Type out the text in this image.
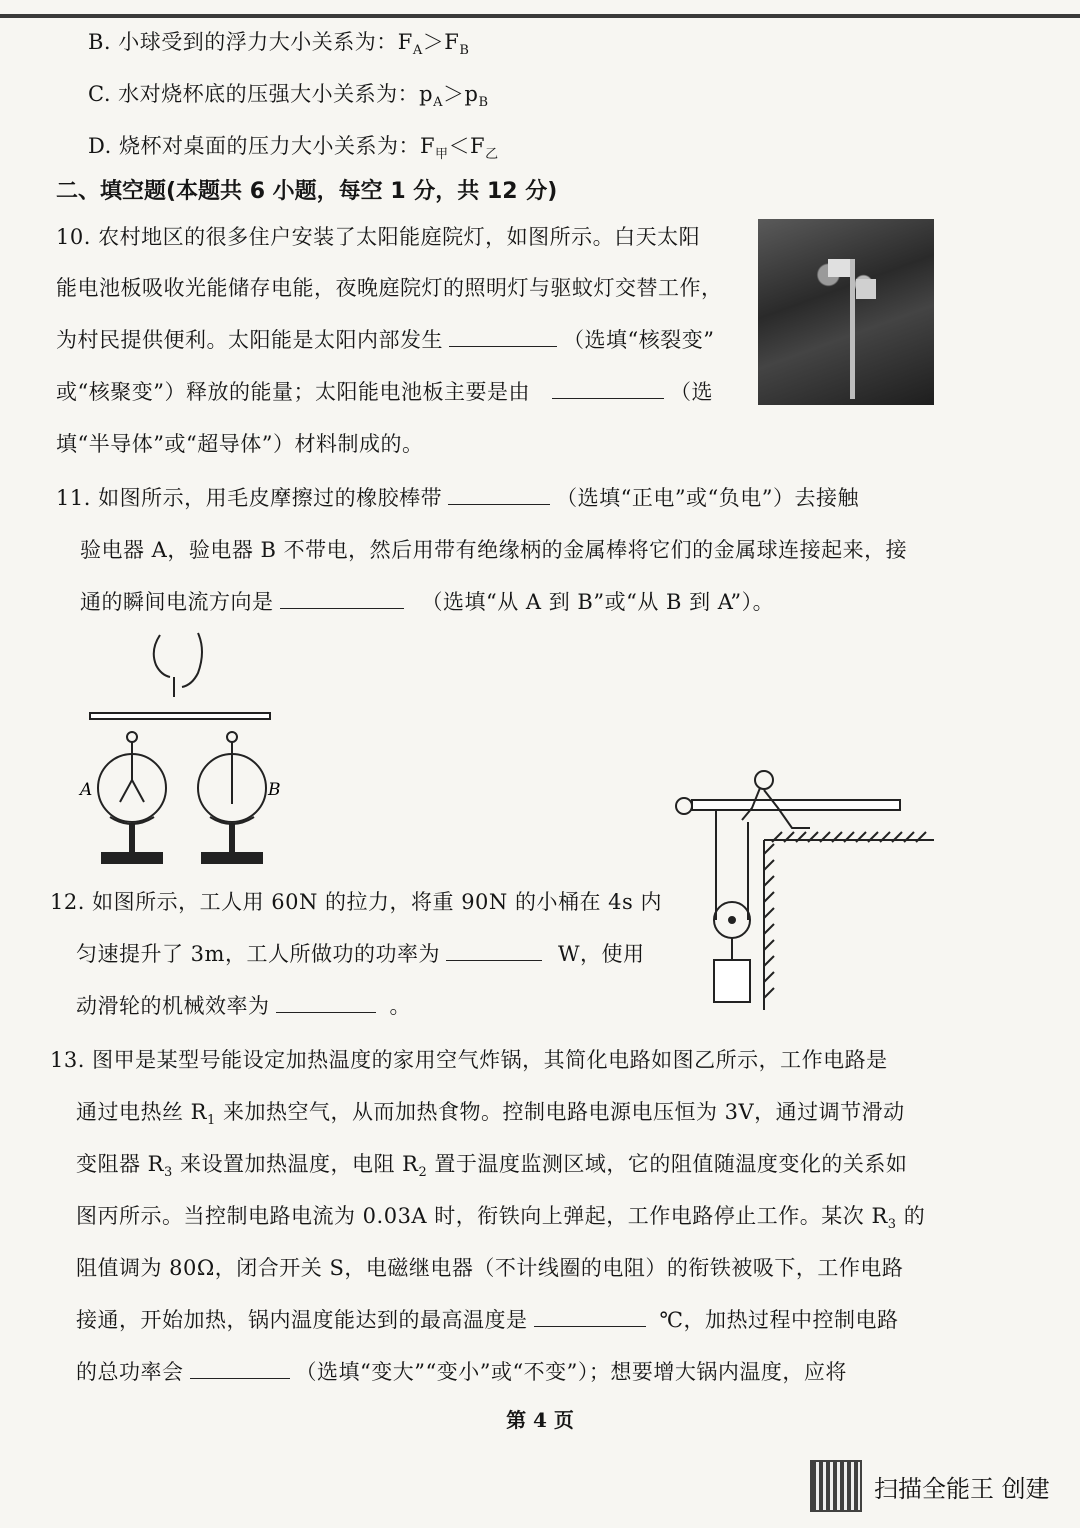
B. 小球受到的浮力大小关系为：$F_A>F_B$
C. 水对烧杯底的压强大小关系为：$p_A>p_B$
D. 烧杯对桌面的压力大小关系为：$F_甲<F_乙$
二、填空题(本题共 6 小题，每空 1 分，共 12 分)
10. 农村地区的很多住户安装了太阳能庭院灯，如图所示。白天太阳
能电池板吸收光能储存电能，夜晚庭院灯的照明灯与驱蚊灯交替工作，
为村民提供便利。太阳能是太阳内部发生	（选填“核裂变”
或“核聚变”）释放的能量；太阳能电池板主要是由	（选
填“半导体”或“超导体”）材料制成的。
11. 如图所示，用毛皮摩擦过的橡胶棒带	（选填“正电”或“负电”）去接触
验电器 A，验电器 B 不带电，然后用带有绝缘柄的金属棒将它们的金属球连接起来，接
通的瞬间电流方向是	（选填“从 A 到 B”或“从 B 到 A”）。
A	B
12. 如图所示，工人用 60N 的拉力，将重 90N 的小桶在 4s 内
匀速提升了 3m，工人所做功的功率为	W，使用
动滑轮的机械效率为	。
13. 图甲是某型号能设定加热温度的家用空气炸锅，其简化电路如图乙所示，工作电路是
通过电热丝 $R_1$ 来加热空气，从而加热食物。控制电路电源电压恒为 3V，通过调节滑动
变阻器 $R_3$ 来设置加热温度，电阻 $R_2$ 置于温度监测区域，它的阻值随温度变化的关系如
图丙所示。当控制电路电流为 0.03A 时，衔铁向上弹起，工作电路停止工作。某次 $R_3$ 的
阻值调为 80Ω，闭合开关 S，电磁继电器（不计线圈的电阻）的衔铁被吸下，工作电路
接通，开始加热，锅内温度能达到的最高温度是	℃，加热过程中控制电路
的总功率会	（选填“变大”“变小”或“不变”）；想要增大锅内温度，应将
第 4 页
扫描全能王 创建
